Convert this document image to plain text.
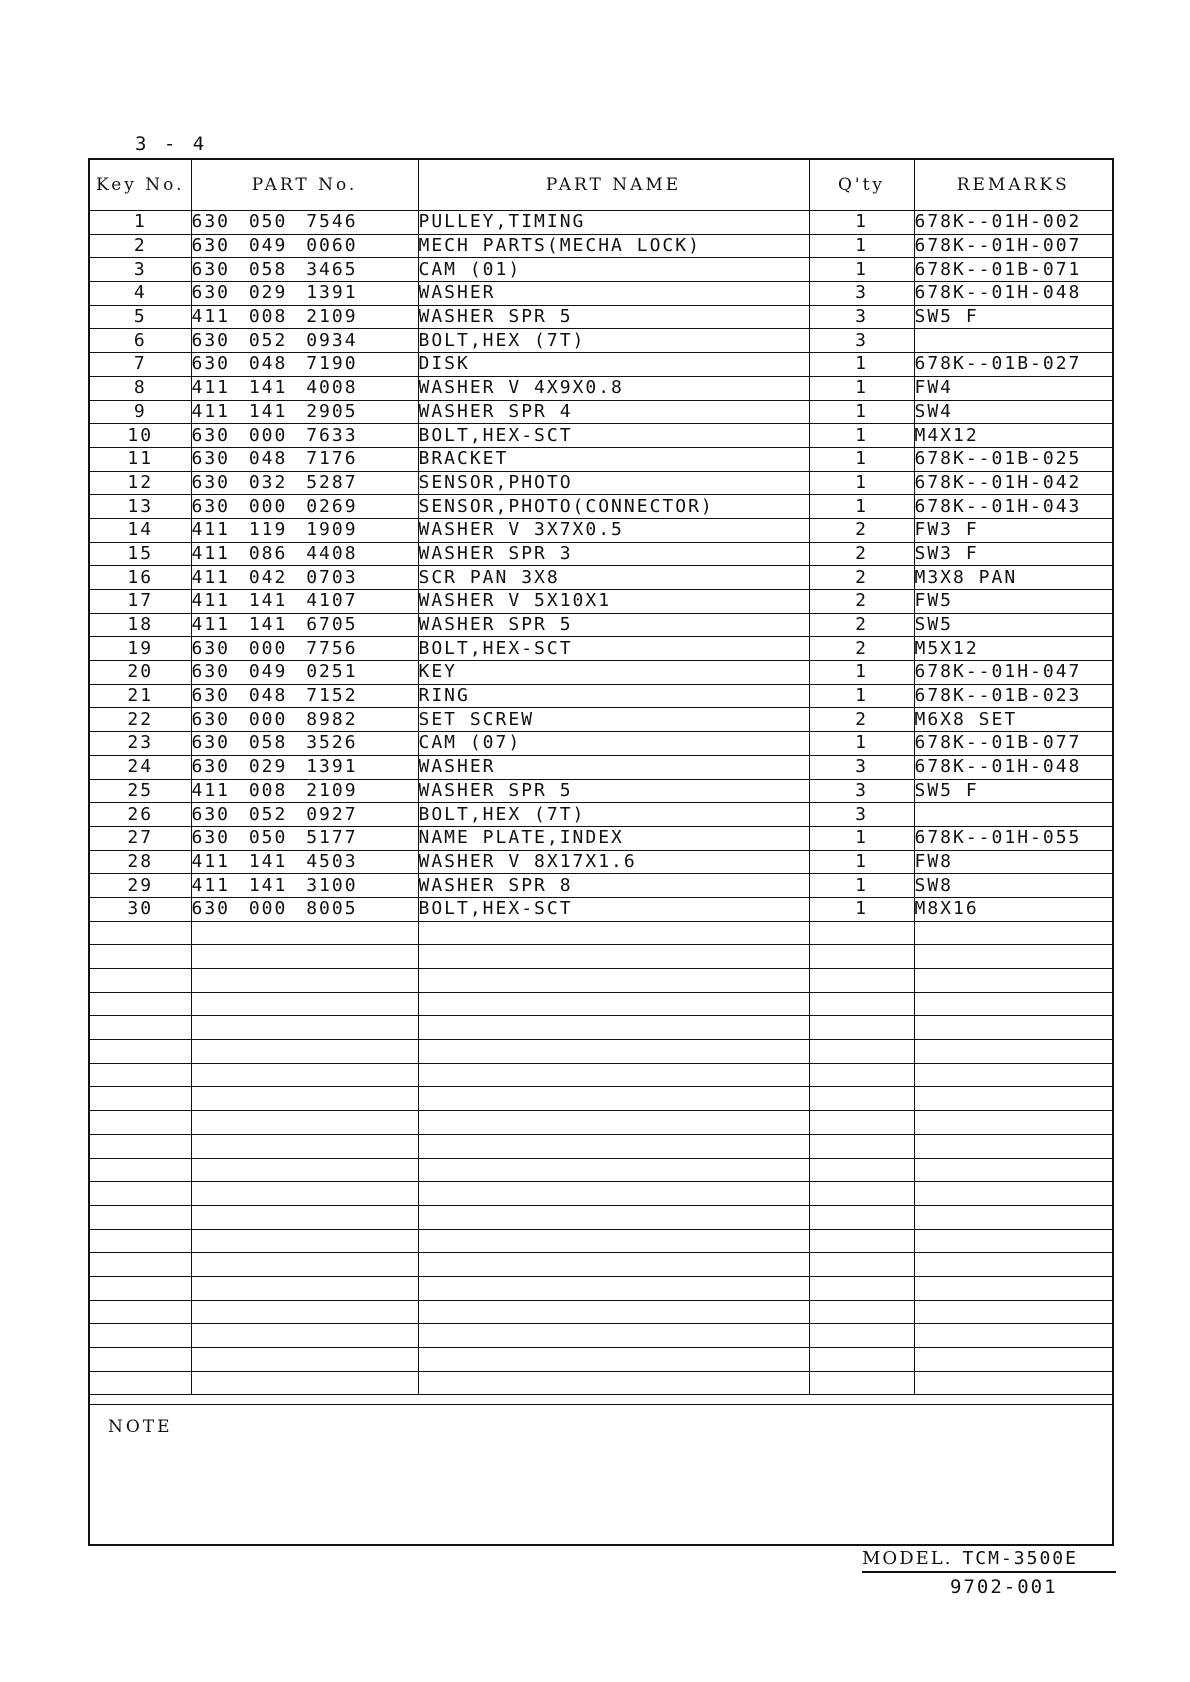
3 - 4
Key No.	PART No.	PART NAME	Q'ty	REMARKS
1	630 050 7546	PULLEY,TIMING	1	678K--01H-002
2	630 049 0060	MECH PARTS(MECHA LOCK)	1	678K--01H-007
3	630 058 3465	CAM (01)	1	678K--01B-071
4	630 029 1391	WASHER	3	678K--01H-048
5	411 008 2109	WASHER SPR 5	3	SW5 F
6	630 052 0934	BOLT,HEX (7T)	3	
7	630 048 7190	DISK	1	678K--01B-027
8	411 141 4008	WASHER V 4X9X0.8	1	FW4
9	411 141 2905	WASHER SPR 4	1	SW4
10	630 000 7633	BOLT,HEX-SCT	1	M4X12
11	630 048 7176	BRACKET	1	678K--01B-025
12	630 032 5287	SENSOR,PHOTO	1	678K--01H-042
13	630 000 0269	SENSOR,PHOTO(CONNECTOR)	1	678K--01H-043
14	411 119 1909	WASHER V 3X7X0.5	2	FW3 F
15	411 086 4408	WASHER SPR 3	2	SW3 F
16	411 042 0703	SCR PAN 3X8	2	M3X8 PAN
17	411 141 4107	WASHER V 5X10X1	2	FW5
18	411 141 6705	WASHER SPR 5	2	SW5
19	630 000 7756	BOLT,HEX-SCT	2	M5X12
20	630 049 0251	KEY	1	678K--01H-047
21	630 048 7152	RING	1	678K--01B-023
22	630 000 8982	SET SCREW	2	M6X8 SET
23	630 058 3526	CAM (07)	1	678K--01B-077
24	630 029 1391	WASHER	3	678K--01H-048
25	411 008 2109	WASHER SPR 5	3	SW5 F
26	630 052 0927	BOLT,HEX (7T)	3	
27	630 050 5177	NAME PLATE,INDEX	1	678K--01H-055
28	411 141 4503	WASHER V 8X17X1.6	1	FW8
29	411 141 3100	WASHER SPR 8	1	SW8
30	630 000 8005	BOLT,HEX-SCT	1	M8X16

NOTE
MODEL. TCM-3500E
9702-001
